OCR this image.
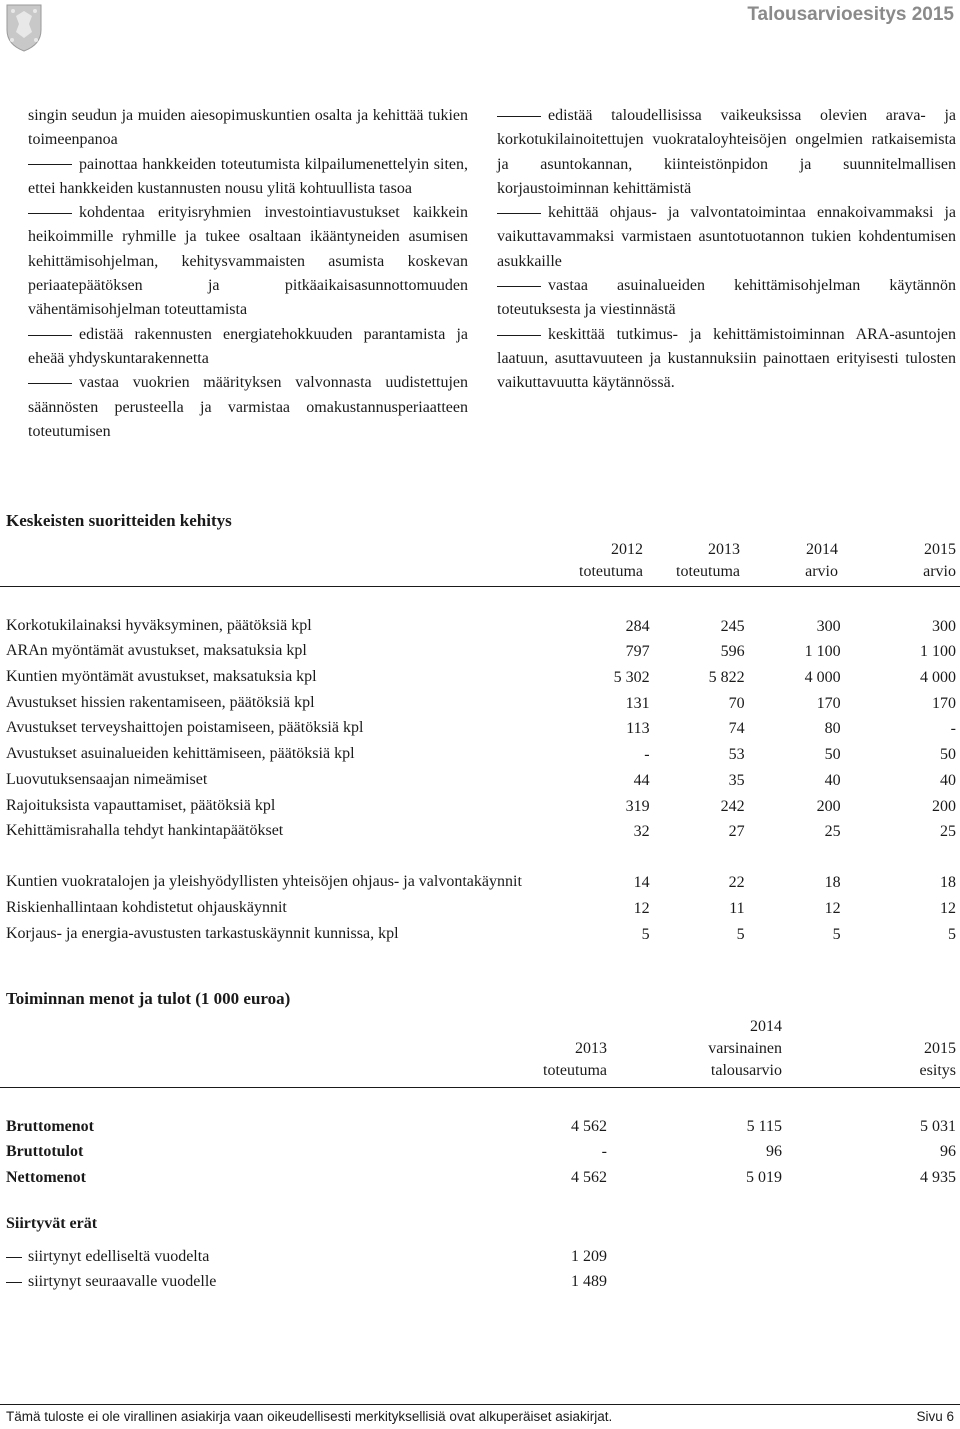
Talousarvioesitys 2015

singin seudun ja muiden aiesopimuskuntien osalta ja kehittää tukien toimeenpanoa

painottaa hankkeiden toteutumista kilpailumenettelyin siten, ettei hankkeiden kustannusten nousu ylitä kohtuullista tasoa

kohdentaa erityisryhmien investointiavustukset kaikkein heikoimmille ryhmille ja tukee osaltaan ikääntyneiden asumisen kehittämisohjelman, kehitysvammaisten asumista koskevan periaatepäätöksen ja pitkäaikaisasunnottomuuden vähentämisohjelman toteuttamista

edistää rakennusten energiatehokkuuden parantamista ja eheää yhdyskuntarakennetta

vastaa vuokrien määrityksen valvonnasta uudistettujen säännösten perusteella ja varmistaa omakustannusperiaatteen toteutumisen

edistää taloudellisissa vaikeuksissa olevien arava- ja korkotukilainoitettujen vuokrataloyhteisöjen ongelmien ratkaisemista ja asuntokannan, kiinteistönpidon ja suunnitelmallisen korjaustoiminnan kehittämistä

kehittää ohjaus- ja valvontatoimintaa ennakoivammaksi ja vaikuttavammaksi varmistaen asuntotuotannon tukien kohdentumisen asukkaille

vastaa asuinalueiden kehittämisohjelman käytännön toteutuksesta ja viestinnästä

keskittää tutkimus- ja kehittämistoiminnan ARA-asuntojen laatuun, asuttavuuteen ja kustannuksiin painottaen erityisesti tulosten vaikuttavuutta käytännössä.

Keskeisten suoritteiden kehitys
	2012	2013	2014	2015
	toteutuma	toteutuma	arvio	arvio
Korkotukilainaksi hyväksyminen, päätöksiä kpl	284	245	300	300
ARAn myöntämät avustukset, maksatuksia kpl	797	596	1 100	1 100
Kuntien myöntämät avustukset, maksatuksia kpl	5 302	5 822	4 000	4 000
Avustukset hissien rakentamiseen, päätöksiä kpl	131	70	170	170
Avustukset terveyshaittojen poistamiseen, päätöksiä kpl	113	74	80	-
Avustukset asuinalueiden kehittämiseen, päätöksiä kpl	-	53	50	50
Luovutuksensaajan nimeämiset	44	35	40	40
Rajoituksista vapauttamiset, päätöksiä kpl	319	242	200	200
Kehittämisrahalla tehdyt hankintapäätökset	32	27	25	25
Kuntien vuokratalojen ja yleishyödyllisten yhteisöjen ohjaus- ja valvontakäynnit	14	22	18	18
Riskienhallintaan kohdistetut ohjauskäynnit	12	11	12	12
Korjaus- ja energia-avustusten tarkastuskäynnit kunnissa, kpl	5	5	5	5
Toiminnan menot ja tulot (1 000 euroa)
		2014	
	2013	varsinainen	2015
	toteutuma	talousarvio	esitys
Bruttomenot	4 562	5 115	5 031
Bruttotulot	-	96	96
Nettomenot	4 562	5 019	4 935
Siirtyvät erät
siirtynyt edelliseltä vuodelta	1 209
siirtynyt seuraavalle vuodelle	1 489
Tämä tuloste ei ole virallinen asiakirja vaan oikeudellisesti merkityksellisiä ovat alkuperäiset asiakirjat.	Sivu 6
